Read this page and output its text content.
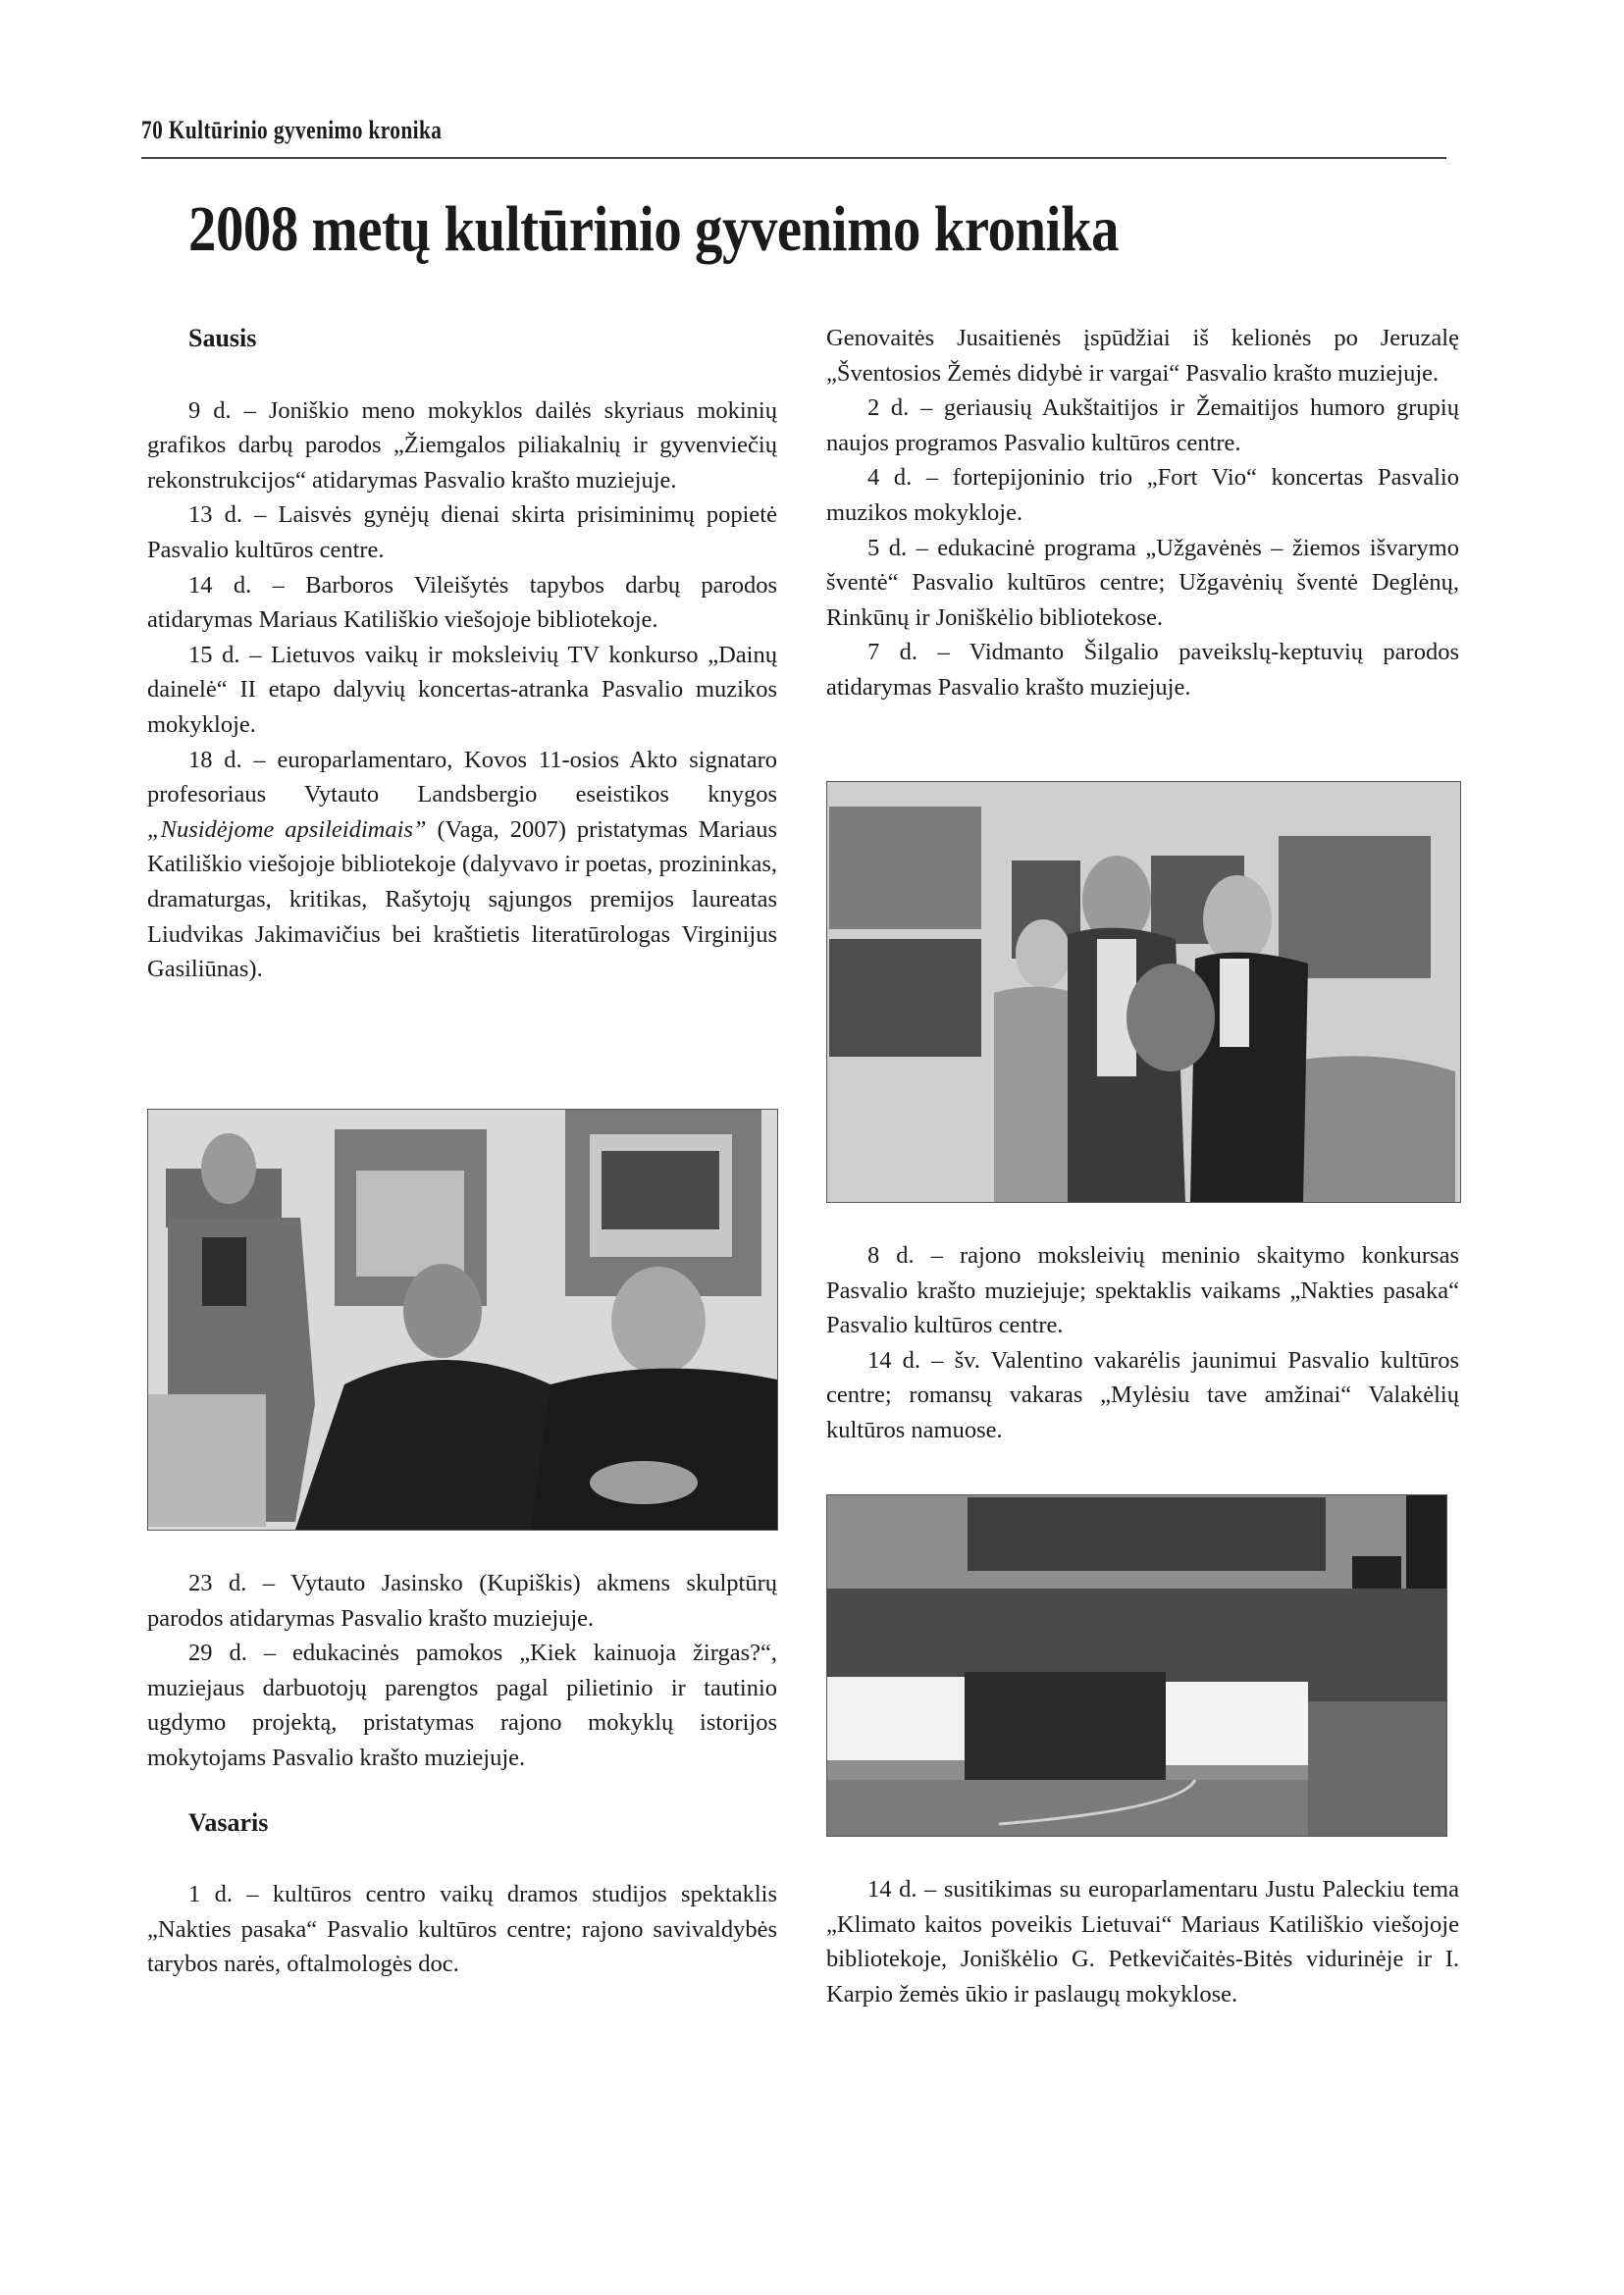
70 Kultūrinio gyvenimo kronika
2008 metų kultūrinio gyvenimo kronika

Sausis

9 d. – Joniškio meno mokyklos dailės skyriaus mokinių grafikos darbų parodos „Žiemgalos piliakalnių ir gyvenviečių rekonstrukcijos“ atidarymas Pasvalio krašto muziejuje.

13 d. – Laisvės gynėjų dienai skirta prisiminimų popietė Pasvalio kultūros centre.

14 d. – Barboros Vileišytės tapybos darbų parodos atidarymas Mariaus Katiliškio viešojoje bibliotekoje.

15 d. – Lietuvos vaikų ir moksleivių TV konkurso „Dainų dainelė“ II etapo dalyvių koncertas-atranka Pasvalio muzikos mokykloje.

18 d. – europarlamentaro, Kovos 11-osios Akto signataro profesoriaus Vytauto Landsbergio eseistikos knygos „Nusidėjome apsileidimais” (Vaga, 2007) pristatymas Mariaus Katiliškio viešojoje bibliotekoje (dalyvavo ir poetas, prozininkas, dramaturgas, kritikas, Rašytojų sąjungos premijos laureatas Liudvikas Jakimavičius bei kraštietis literatūrologas Virginijus Gasiliūnas).

23 d. – Vytauto Jasinsko (Kupiškis) akmens skulptūrų parodos atidarymas Pasvalio krašto muziejuje.

29 d. – edukacinės pamokos „Kiek kainuoja žirgas?“, muziejaus darbuotojų parengtos pagal pilietinio ir tautinio ugdymo projektą, pristatymas rajono mokyklų istorijos mokytojams Pasvalio krašto muziejuje.

Vasaris

1 d. – kultūros centro vaikų dramos studijos spektaklis „Nakties pasaka“ Pasvalio kultūros centre; rajono savivaldybės tarybos narės, oftalmologės doc.

Genovaitės Jusaitienės įspūdžiai iš kelionės po Jeruzalę „Šventosios Žemės didybė ir vargai“ Pasvalio krašto muziejuje.

2 d. – geriausių Aukštaitijos ir Žemaitijos humoro grupių naujos programos Pasvalio kultūros centre.

4 d. – fortepijoninio trio „Fort Vio“ koncertas Pasvalio muzikos mokykloje.

5 d. – edukacinė programa „Užgavėnės – žiemos išvarymo šventė“ Pasvalio kultūros centre; Užgavėnių šventė Deglėnų, Rinkūnų ir Joniškėlio bibliotekose.

7 d. – Vidmanto Šilgalio paveikslų-keptuvių parodos atidarymas Pasvalio krašto muziejuje.

8 d. – rajono moksleivių meninio skaitymo konkursas Pasvalio krašto muziejuje; spektaklis vaikams „Nakties pasaka“ Pasvalio kultūros centre.

14 d. – šv. Valentino vakarėlis jaunimui Pasvalio kultūros centre; romansų vakaras „Mylėsiu tave amžinai“ Valakėlių kultūros namuose.

14 d. – susitikimas su europarlamentaru Justu Paleckiu tema „Klimato kaitos poveikis Lietuvai“ Mariaus Katiliškio viešojoje bibliotekoje, Joniškėlio G. Petkevičaitės-Bitės vidurinėje ir I. Karpio žemės ūkio ir paslaugų mokyklose.
